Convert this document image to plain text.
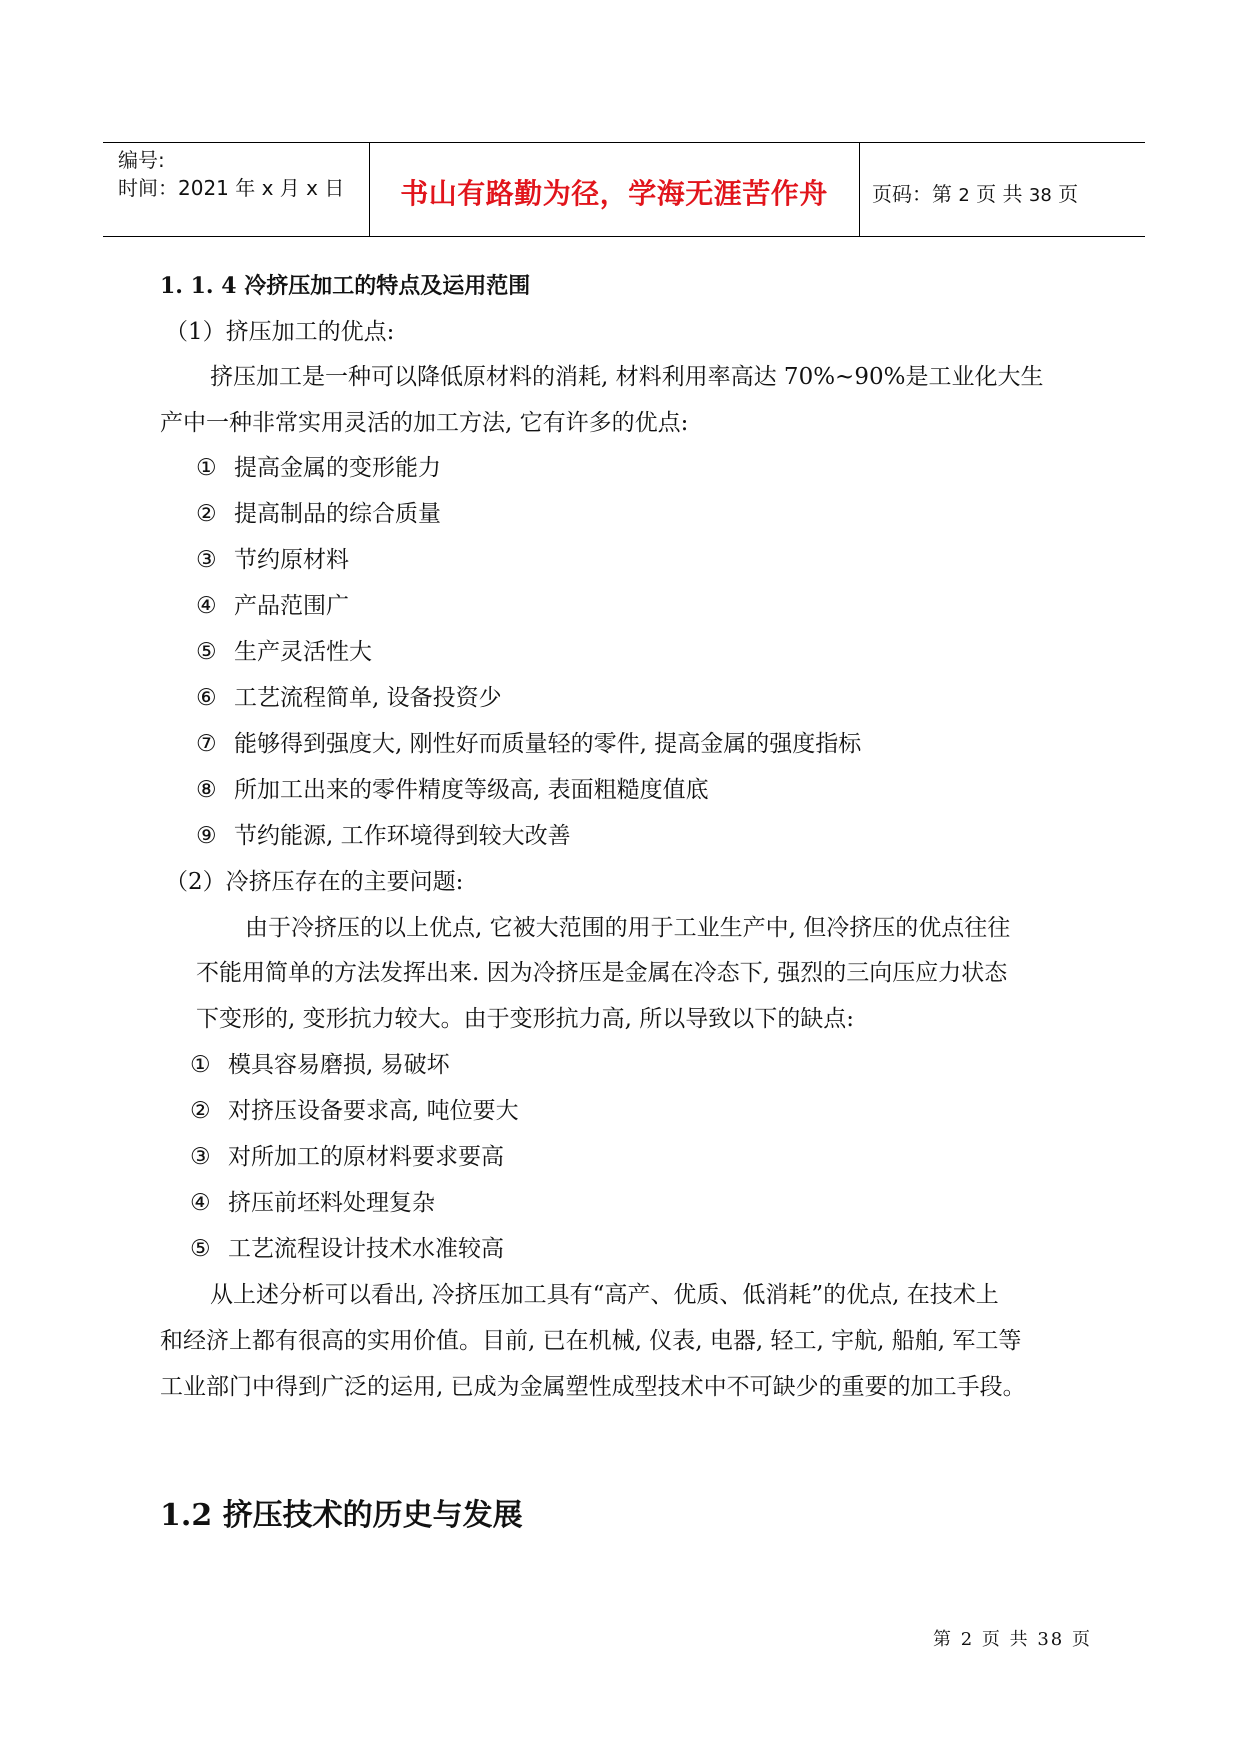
编号:
时间：2021 年 x 月 x 日	书山有路勤为径，学海无涯苦作舟	页码：第 2 页 共 38 页
1. 1. 4 冷挤压加工的特点及运用范围
（1）挤压加工的优点:
挤压加工是一种可以降低原材料的消耗, 材料利用率高达 70%~90%是工业化大生
产中一种非常实用灵活的加工方法, 它有许多的优点:
① 提高金属的变形能力
② 提高制品的综合质量
③ 节约原材料
④ 产品范围广
⑤ 生产灵活性大
⑥ 工艺流程简单, 设备投资少
⑦ 能够得到强度大, 刚性好而质量轻的零件, 提高金属的强度指标
⑧ 所加工出来的零件精度等级高, 表面粗糙度值底
⑨ 节约能源, 工作环境得到较大改善
（2）冷挤压存在的主要问题:
由于冷挤压的以上优点, 它被大范围的用于工业生产中, 但冷挤压的优点往往
不能用简单的方法发挥出来. 因为冷挤压是金属在冷态下, 强烈的三向压应力状态
下变形的, 变形抗力较大。由于变形抗力高, 所以导致以下的缺点:
① 模具容易磨损, 易破坏
② 对挤压设备要求高, 吨位要大
③ 对所加工的原材料要求要高
④ 挤压前坯料处理复杂
⑤ 工艺流程设计技术水准较高
从上述分析可以看出, 冷挤压加工具有“高产、优质、低消耗”的优点, 在技术上
和经济上都有很高的实用价值。目前, 已在机械, 仪表, 电器, 轻工, 宇航, 船舶, 军工等
工业部门中得到广泛的运用, 已成为金属塑性成型技术中不可缺少的重要的加工手段。
1.2 挤压技术的历史与发展
第 2 页 共 38 页
